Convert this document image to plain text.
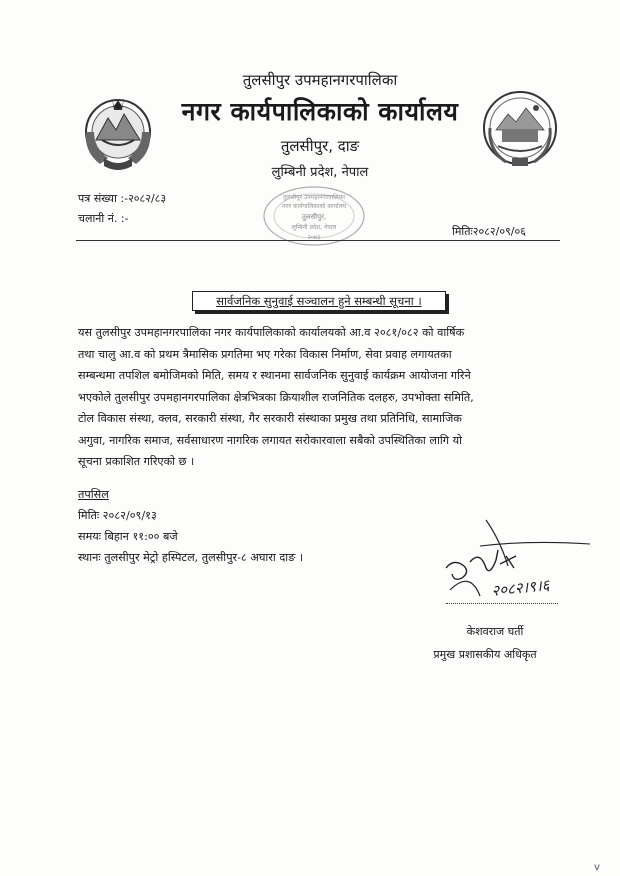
तुलसीपुर उपमहानगरपालिका
नगर कार्यपालिकाको कार्यालय
तुलसीपुर, दाङ
लुम्बिनी प्रदेश, नेपाल
तुलसीपुर उपमहानगरपालिका
नगर कार्यपालिकाको कार्यालय
तुलसीपुर,
लुम्बिनी प्रदेश, नेपाल
२०७३
पत्र संख्या :-२०८२/८३
चलानी नं. :-
मितिः२०८२/०९/०६
सार्वजनिक सुनुवाई सञ्चालन हुने सम्बन्धी सूचना ।
यस तुलसीपुर उपमहानगरपालिका नगर कार्यपालिकाको कार्यालयको आ.व २०८१/०८२ को वार्षिक
तथा चालु आ.व को प्रथम त्रैमासिक प्रगतिमा भए गरेका विकास निर्माण, सेवा प्रवाह लगायतका
सम्बन्धमा तपशिल बमोजिमको मिति, समय र स्थानमा सार्वजनिक सुनुवाई कार्यक्रम आयोजना गरिने
भएकोले तुलसीपुर उपमहानगरपालिका क्षेत्रभित्रका क्रियाशील राजनितिक दलहरु, उपभोक्ता समिति,
टोल विकास संस्था, क्लव, सरकारी संस्था, गैर सरकारी संस्थाका प्रमुख तथा प्रतिनिधि, सामाजिक
अगुवा, नागरिक समाज, सर्वसाधारण नागरिक लगायत सरोकारवाला सबैको उपस्थितिका लागि यो
सूचना प्रकाशित गरिएको छ ।
तपसिल
मितिः २०८२/०९/१३
समयः बिहान ११:०० बजे
स्थानः तुलसीपुर मेट्रो हस्पिटल, तुलसीपुर-८ अघारा दाङ ।
२०८२।९।६
केशवराज घर्ती
प्रमुख प्रशासकीय अधिकृत
v
